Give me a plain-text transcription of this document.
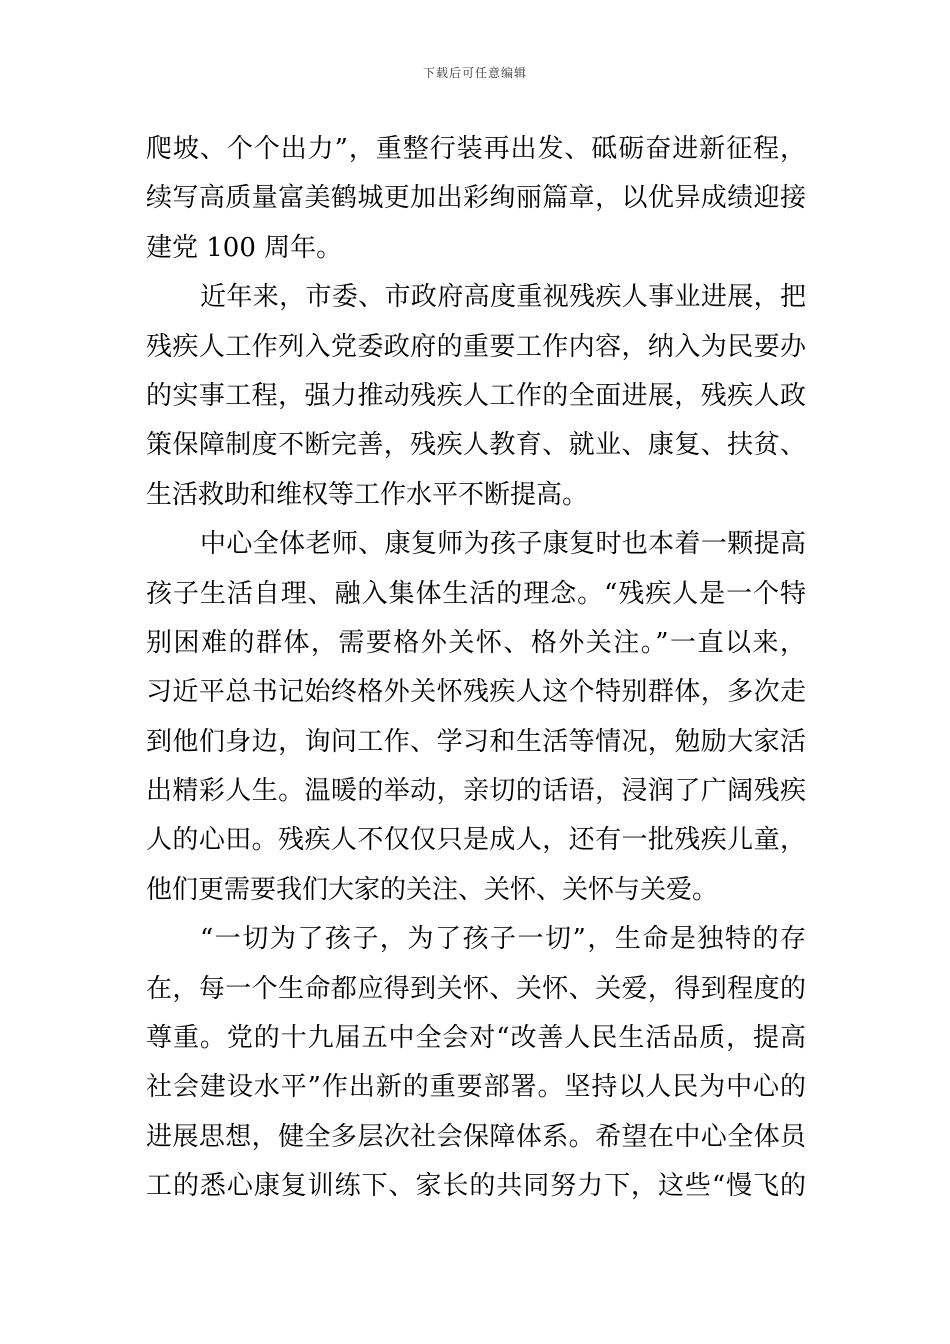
下载后可任意编辑
爬坡、个个出力”，重整行装再出发、砥砺奋进新征程，
续写高质量富美鹤城更加出彩绚丽篇章，以优异成绩迎接
建党 100 周年。
近年来，市委、市政府高度重视残疾人事业进展，把
残疾人工作列入党委政府的重要工作内容，纳入为民要办
的实事工程，强力推动残疾人工作的全面进展，残疾人政
策保障制度不断完善，残疾人教育、就业、康复、扶贫、
生活救助和维权等工作水平不断提高。
中心全体老师、康复师为孩子康复时也本着一颗提高
孩子生活自理、融入集体生活的理念。“残疾人是一个特
别困难的群体，需要格外关怀、格外关注。”一直以来，
习近平总书记始终格外关怀残疾人这个特别群体，多次走
到他们身边，询问工作、学习和生活等情况，勉励大家活
出精彩人生。温暖的举动，亲切的话语，浸润了广阔残疾
人的心田。残疾人不仅仅只是成人，还有一批残疾儿童，
他们更需要我们大家的关注、关怀、关怀与关爱。
“一切为了孩子，为了孩子一切”，生命是独特的存
在，每一个生命都应得到关怀、关怀、关爱，得到程度的
尊重。党的十九届五中全会对“改善人民生活品质，提高
社会建设水平”作出新的重要部署。坚持以人民为中心的
进展思想，健全多层次社会保障体系。希望在中心全体员
工的悉心康复训练下、家长的共同努力下，这些“慢飞的
